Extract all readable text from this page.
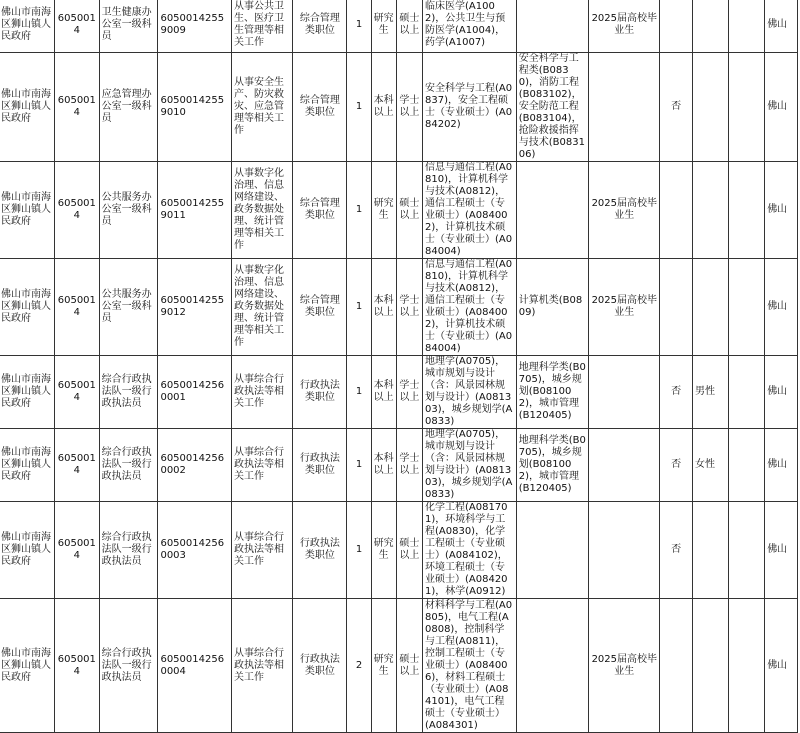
佛山市南海区狮山镇人民政府	6050014	卫生健康办公室一级科员	60500142559009	从事公共卫生、医疗卫生管理等相关工作	综合管理类职位	1	研究生	硕士以上	临床医学(A1002)，公共卫生与预防医学(A1004)，药学(A1007)		2025届高校毕业生				佛山
佛山市南海区狮山镇人民政府	6050014	应急管理办公室一级科员	60500142559010	从事安全生产、防灾救灾、应急管理等相关工作	综合管理类职位	1	本科以上	学士以上	安全科学与工程(A0837)，安全工程硕士（专业硕士）(A084202)	安全科学与工程类(B0830)，消防工程(B083102)，安全防范工程(B083104)，抢险救援指挥与技术(B083106)		否			佛山
佛山市南海区狮山镇人民政府	6050014	公共服务办公室一级科员	60500142559011	从事数字化治理、信息网络建设、政务数据处理、统计管理等相关工作	综合管理类职位	1	研究生	硕士以上	信息与通信工程(A0810)，计算机科学与技术(A0812)，通信工程硕士（专业硕士）(A084002)，计算机技术硕士（专业硕士）(A084004)		2025届高校毕业生				佛山
佛山市南海区狮山镇人民政府	6050014	公共服务办公室一级科员	60500142559012	从事数字化治理、信息网络建设、政务数据处理、统计管理等相关工作	综合管理类职位	1	本科以上	学士以上	信息与通信工程(A0810)，计算机科学与技术(A0812)，通信工程硕士（专业硕士）(A084002)，计算机技术硕士（专业硕士）(A084004)	计算机类(B0809)	2025届高校毕业生				佛山
佛山市南海区狮山镇人民政府	6050014	综合行政执法队一级行政执法员	60500142560001	从事综合行政执法等相关工作	行政执法类职位	1	本科以上	学士以上	地理学(A0705)，城市规划与设计（含：风景园林规划与设计）(A081303)，城乡规划学(A0833)	地理科学类(B0705)，城乡规划(B081002)，城市管理(B120405)		否	男性		佛山
佛山市南海区狮山镇人民政府	6050014	综合行政执法队一级行政执法员	60500142560002	从事综合行政执法等相关工作	行政执法类职位	1	本科以上	学士以上	地理学(A0705)，城市规划与设计（含：风景园林规划与设计）(A081303)，城乡规划学(A0833)	地理科学类(B0705)，城乡规划(B081002)，城市管理(B120405)		否	女性		佛山
佛山市南海区狮山镇人民政府	6050014	综合行政执法队一级行政执法员	60500142560003	从事综合行政执法等相关工作	行政执法类职位	1	研究生	硕士以上	化学工程(A081701)，环境科学与工程(A0830)，化学工程硕士（专业硕士）(A084102)，环境工程硕士（专业硕士）(A084201)，林学(A0912)			否			佛山
佛山市南海区狮山镇人民政府	6050014	综合行政执法队一级行政执法员	60500142560004	从事综合行政执法等相关工作	行政执法类职位	2	研究生	硕士以上	材料科学与工程(A0805)，电气工程(A0808)，控制科学与工程(A0811)，控制工程硕士（专业硕士）(A084006)，材料工程硕士（专业硕士）(A084101)，电气工程硕士（专业硕士）(A084301)		2025届高校毕业生				佛山
